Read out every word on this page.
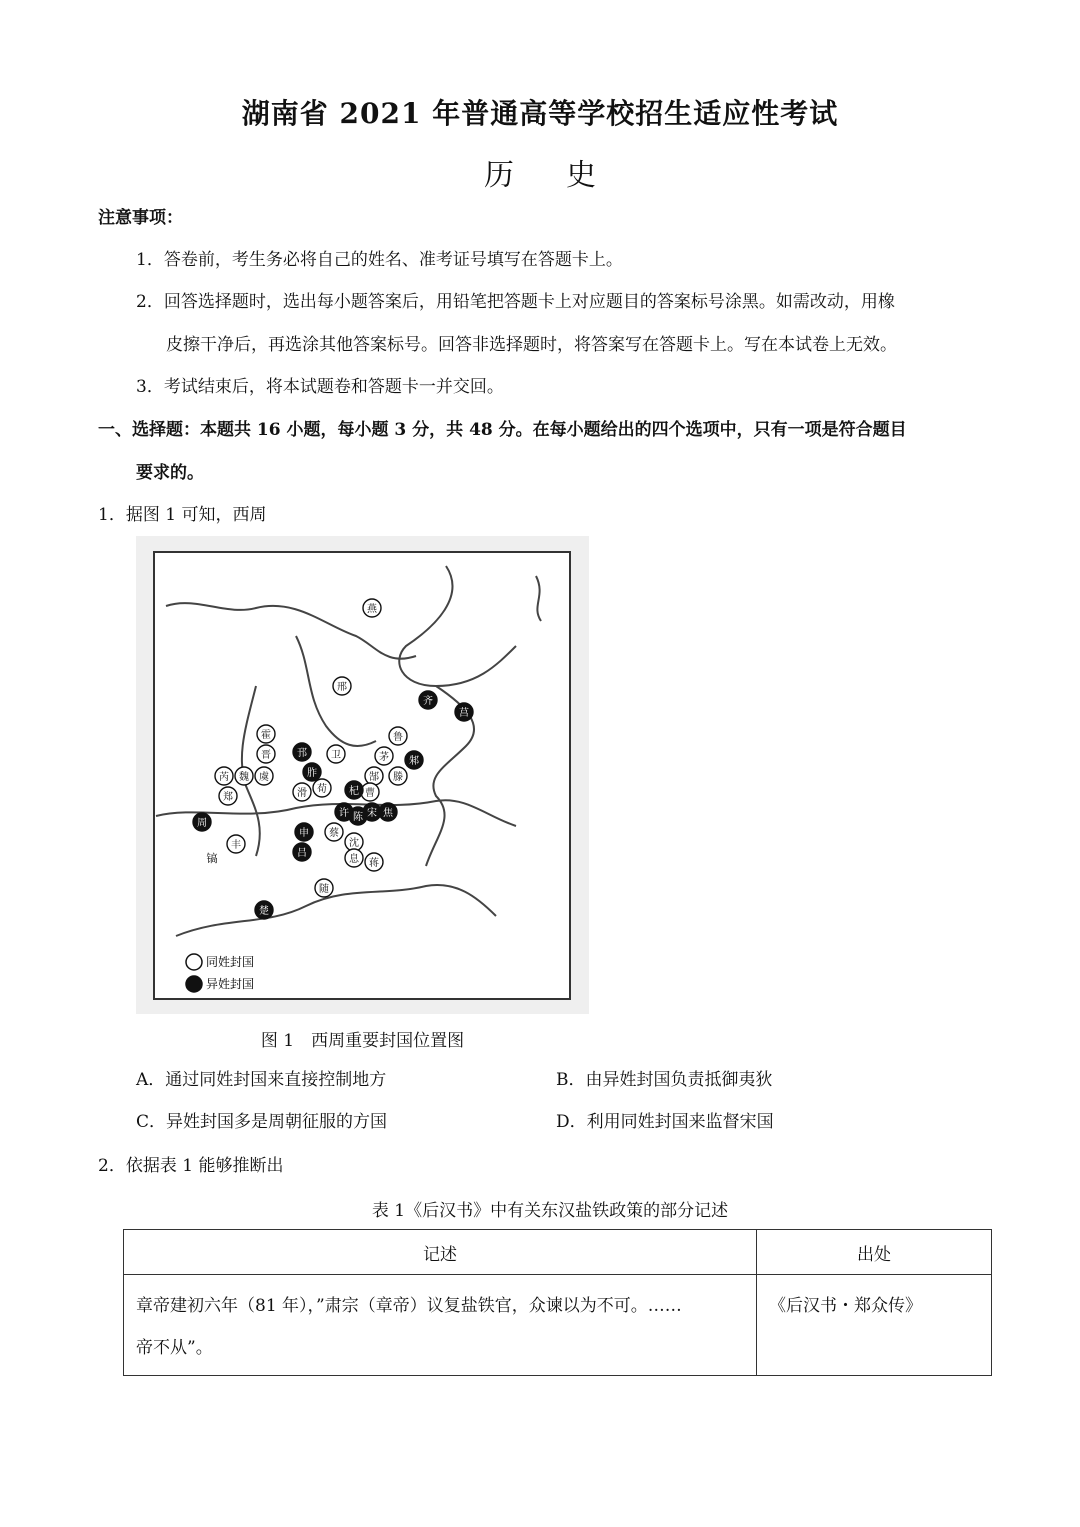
湖南省 2021 年普通高等学校招生适应性考试
历史
注意事项：
1．答卷前，考生务必将自己的姓名、准考证号填写在答题卡上。
2．回答选择题时，选出每小题答案后，用铅笔把答题卡上对应题目的答案标号涂黑。如需改动，用橡
皮擦干净后，再选涂其他答案标号。回答非选择题时，将答案写在答题卡上。写在本试卷上无效。
3．考试结束后，将本试题卷和答题卡一并交回。
一、选择题：本题共 16 小题，每小题 3 分，共 48 分。在每小题给出的四个选项中，只有一项是符合题目
要求的。
1．据图 1 可知，西周
燕
邢
卫
鲁
茅
晋
霍
虞
魏
芮
郑
丰
郜
曹
滕
蔡
沈
息 蒋
随
滑 荀
齐
莒
邾
邘
胙
杞
宋
陈 焦
许
申
吕
楚
周
镐
同姓封国
异姓封国
图 1　西周重要封国位置图
A．通过同姓封国来直接控制地方	B．由异姓封国负责抵御夷狄
C．异姓封国多是周朝征服的方国	D．利用同姓封国来监督宋国
2．依据表 1 能够推断出
表 1《后汉书》中有关东汉盐铁政策的部分记述
记述	出处

章帝建初六年（81 年），”肃宗（章帝）议复盐铁官，众谏以为不可。……
帝不从”。	《后汉书・郑众传》
